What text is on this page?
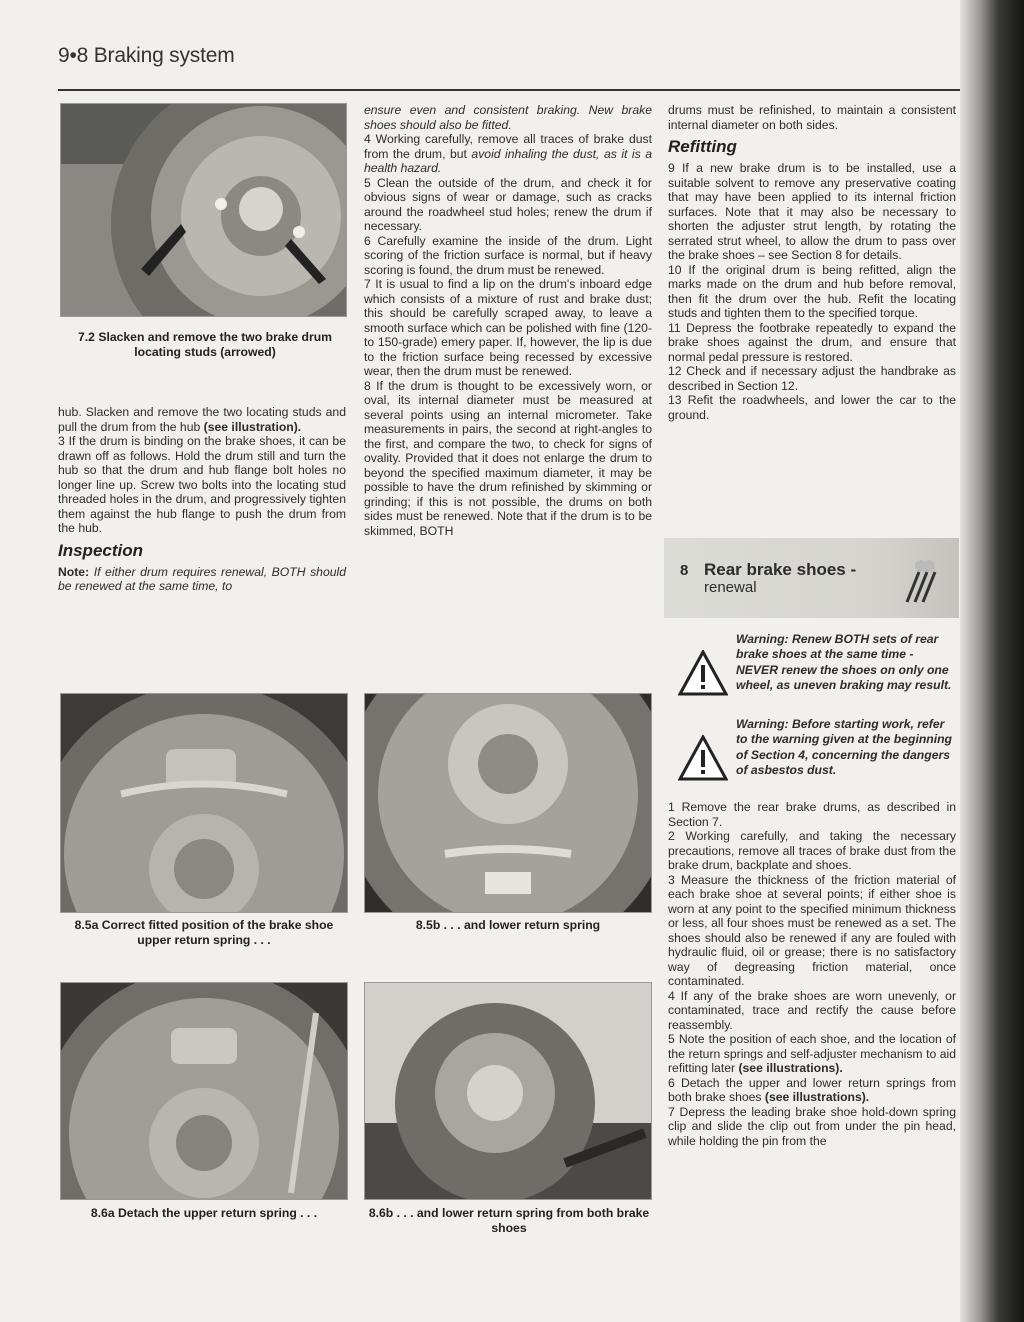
9•8 Braking system
7.2 Slacken and remove the two brake drum locating studs (arrowed)

hub. Slacken and remove the two locating studs and pull the drum from the hub (see illustration).

3 If the drum is binding on the brake shoes, it can be drawn off as follows. Hold the drum still and turn the hub so that the drum and hub flange bolt holes no longer line up. Screw two bolts into the locating stud threaded holes in the drum, and progressively tighten them against the hub flange to push the drum from the hub.

Inspection

Note: If either drum requires renewal, BOTH should be renewed at the same time, to

ensure even and consistent braking. New brake shoes should also be fitted.

4 Working carefully, remove all traces of brake dust from the drum, but avoid inhaling the dust, as it is a health hazard.

5 Clean the outside of the drum, and check it for obvious signs of wear or damage, such as cracks around the roadwheel stud holes; renew the drum if necessary.

6 Carefully examine the inside of the drum. Light scoring of the friction surface is normal, but if heavy scoring is found, the drum must be renewed.

7 It is usual to find a lip on the drum's inboard edge which consists of a mixture of rust and brake dust; this should be carefully scraped away, to leave a smooth surface which can be polished with fine (120- to 150-grade) emery paper. If, however, the lip is due to the friction surface being recessed by excessive wear, then the drum must be renewed.

8 If the drum is thought to be excessively worn, or oval, its internal diameter must be measured at several points using an internal micrometer. Take measurements in pairs, the second at right-angles to the first, and compare the two, to check for signs of ovality. Provided that it does not enlarge the drum to beyond the specified maximum diameter, it may be possible to have the drum refinished by skimming or grinding; if this is not possible, the drums on both sides must be renewed. Note that if the drum is to be skimmed, BOTH

drums must be refinished, to maintain a consistent internal diameter on both sides.

Refitting

9 If a new brake drum is to be installed, use a suitable solvent to remove any preservative coating that may have been applied to its internal friction surfaces. Note that it may also be necessary to shorten the adjuster strut length, by rotating the serrated strut wheel, to allow the drum to pass over the brake shoes – see Section 8 for details.

10 If the original drum is being refitted, align the marks made on the drum and hub before removal, then fit the drum over the hub. Refit the locating studs and tighten them to the specified torque.

11 Depress the footbrake repeatedly to expand the brake shoes against the drum, and ensure that normal pedal pressure is restored.

12 Check and if necessary adjust the handbrake as described in Section 12.

13 Refit the roadwheels, and lower the car to the ground.

8 Rear brake shoes -
renewal
Warning: Renew BOTH sets of rear brake shoes at the same time - NEVER renew the shoes on only one wheel, as uneven braking may result.
Warning: Before starting work, refer to the warning given at the beginning of Section 4, concerning the dangers of asbestos dust.

1 Remove the rear brake drums, as described in Section 7.

2 Working carefully, and taking the necessary precautions, remove all traces of brake dust from the brake drum, backplate and shoes.

3 Measure the thickness of the friction material of each brake shoe at several points; if either shoe is worn at any point to the specified minimum thickness or less, all four shoes must be renewed as a set. The shoes should also be renewed if any are fouled with hydraulic fluid, oil or grease; there is no satisfactory way of degreasing friction material, once contaminated.

4 If any of the brake shoes are worn unevenly, or contaminated, trace and rectify the cause before reassembly.

5 Note the position of each shoe, and the location of the return springs and self-adjuster mechanism to aid refitting later (see illustrations).

6 Detach the upper and lower return springs from both brake shoes (see illustrations).

7 Depress the leading brake shoe hold-down spring clip and slide the clip out from under the pin head, while holding the pin from the

8.5a Correct fitted position of the brake shoe upper return spring . . .
8.5b . . . and lower return spring
8.6a Detach the upper return spring . . .	8.6b . . . and lower return spring from both brake shoes
